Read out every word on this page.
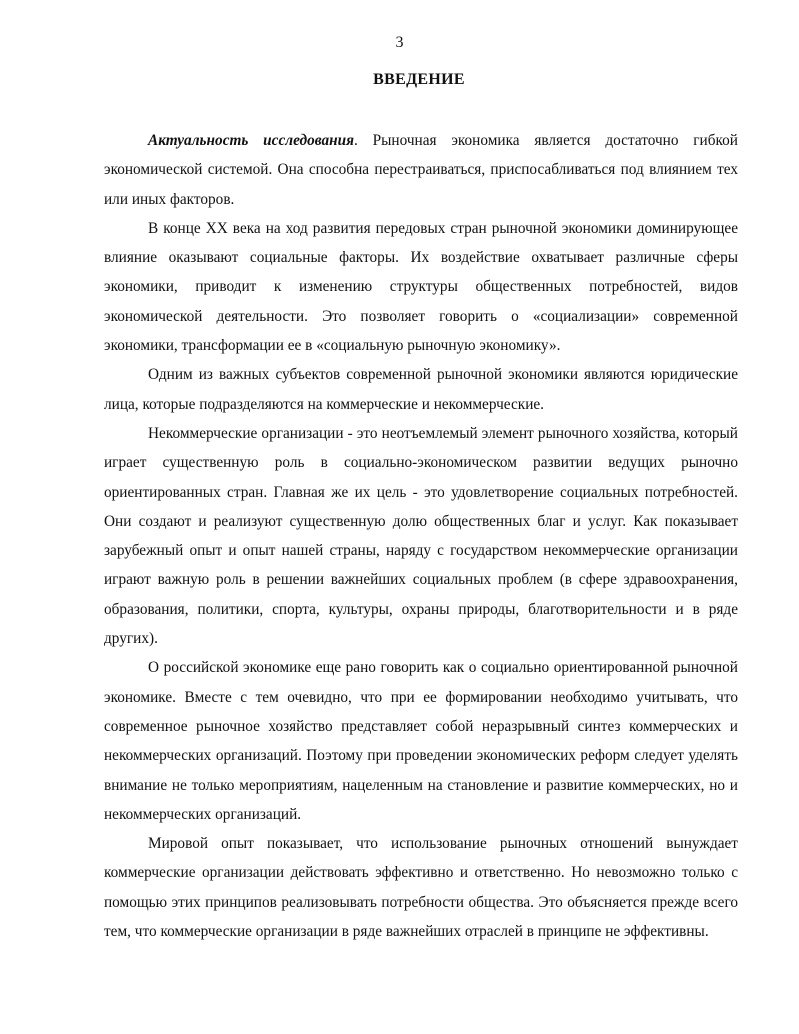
3
ВВЕДЕНИЕ

Актуальность исследования. Рыночная экономика является достаточно гибкой экономической системой. Она способна перестраиваться, приспосабливаться под влиянием тех или иных факторов.

В конце XX века на ход развития передовых стран рыночной экономики доминирующее влияние оказывают социальные факторы. Их воздействие охватывает различные сферы экономики, приводит к изменению структуры общественных потребностей, видов экономической деятельности. Это позволяет говорить о «социализации» современной экономики, трансформации ее в «социальную рыночную экономику».

Одним из важных субъектов современной рыночной экономики являются юридические лица, которые подразделяются на коммерческие и некоммерческие.

Некоммерческие организации - это неотъемлемый элемент рыночного хозяйства, который играет существенную роль в социально-экономическом развитии ведущих рыночно ориентированных стран. Главная же их цель - это удовлетворение социальных потребностей. Они создают и реализуют существенную долю общественных благ и услуг. Как показывает зарубежный опыт и опыт нашей страны, наряду с государством некоммерческие организации играют важную роль в решении важнейших социальных проблем (в сфере здравоохранения, образования, политики, спорта, культуры, охраны природы, благотворительности и в ряде других).

О российской экономике еще рано говорить как о социально ориентированной рыночной экономике. Вместе с тем очевидно, что при ее формировании необходимо учитывать, что современное рыночное хозяйство представляет собой неразрывный синтез коммерческих и некоммерческих организаций. Поэтому при проведении экономических реформ следует уделять внимание не только мероприятиям, нацеленным на становление и развитие коммерческих, но и некоммерческих организаций.

Мировой опыт показывает, что использование рыночных отношений вынуждает коммерческие организации действовать эффективно и ответственно. Но невозможно только с помощью этих принципов реализовывать потребности общества. Это объясняется прежде всего тем, что коммерческие организации в ряде важнейших отраслей в принципе не эффективны.
